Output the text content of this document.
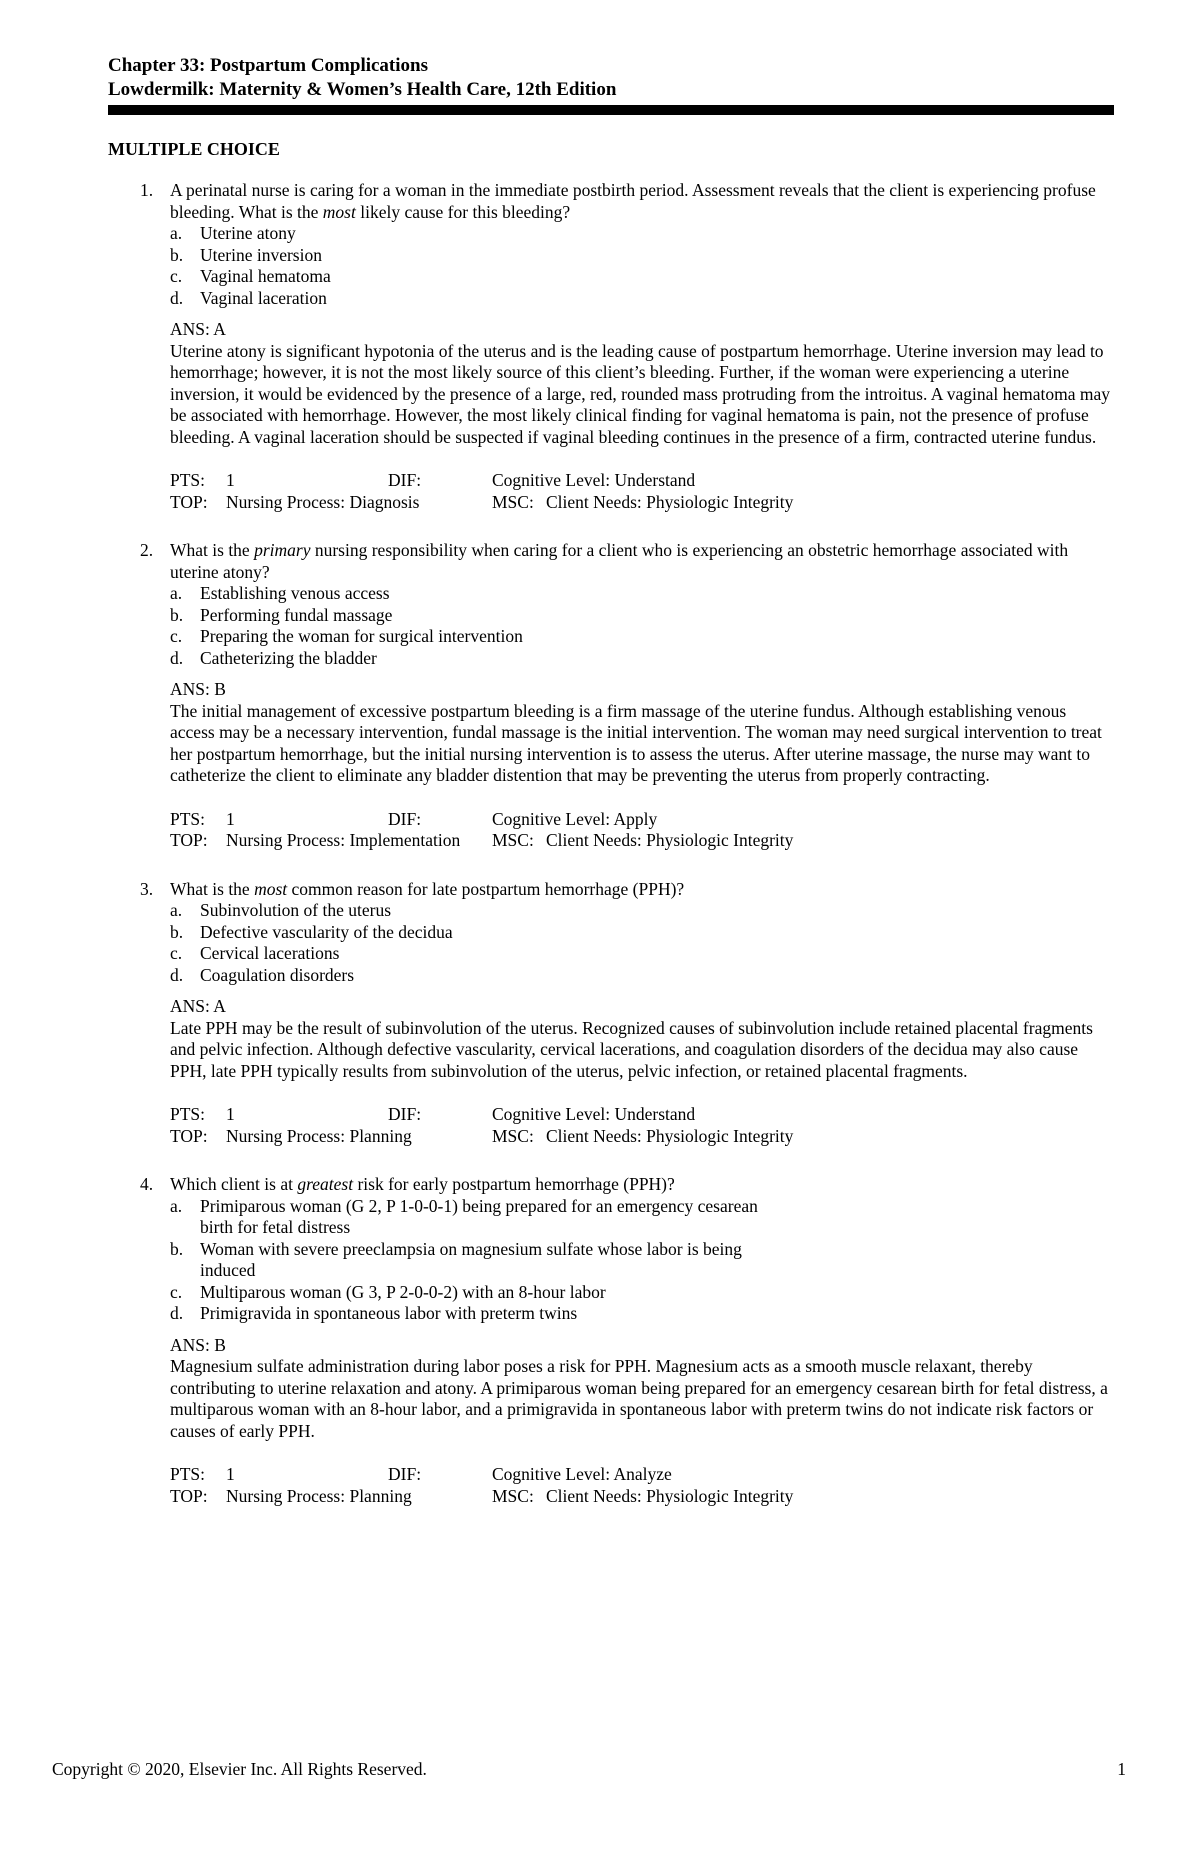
Chapter 33: Postpartum Complications
Lowdermilk: Maternity & Women’s Health Care, 12th Edition
MULTIPLE CHOICE
1. A perinatal nurse is caring for a woman in the immediate postbirth period. Assessment reveals that the client is experiencing profuse bleeding. What is the most likely cause for this bleeding?
a. Uterine atony
b. Uterine inversion
c. Vaginal hematoma
d. Vaginal laceration
ANS: A
Uterine atony is significant hypotonia of the uterus and is the leading cause of postpartum hemorrhage. Uterine inversion may lead to hemorrhage; however, it is not the most likely source of this client’s bleeding. Further, if the woman were experiencing a uterine inversion, it would be evidenced by the presence of a large, red, rounded mass protruding from the introitus. A vaginal hematoma may be associated with hemorrhage. However, the most likely clinical finding for vaginal hematoma is pain, not the presence of profuse bleeding. A vaginal laceration should be suspected if vaginal bleeding continues in the presence of a firm, contracted uterine fundus.
PTS: 1	DIF:	Cognitive Level: Understand
TOP: Nursing Process: Diagnosis	MSC: Client Needs: Physiologic Integrity
2. What is the primary nursing responsibility when caring for a client who is experiencing an obstetric hemorrhage associated with uterine atony?
a. Establishing venous access
b. Performing fundal massage
c. Preparing the woman for surgical intervention
d. Catheterizing the bladder
ANS: B
The initial management of excessive postpartum bleeding is a firm massage of the uterine fundus. Although establishing venous access may be a necessary intervention, fundal massage is the initial intervention. The woman may need surgical intervention to treat her postpartum hemorrhage, but the initial nursing intervention is to assess the uterus. After uterine massage, the nurse may want to catheterize the client to eliminate any bladder distention that may be preventing the uterus from properly contracting.
PTS: 1	DIF:	Cognitive Level: Apply
TOP: Nursing Process: Implementation MSC: Client Needs: Physiologic Integrity
3. What is the most common reason for late postpartum hemorrhage (PPH)?
a. Subinvolution of the uterus
b. Defective vascularity of the decidua
c. Cervical lacerations
d. Coagulation disorders
ANS: A
Late PPH may be the result of subinvolution of the uterus. Recognized causes of subinvolution include retained placental fragments and pelvic infection. Although defective vascularity, cervical lacerations, and coagulation disorders of the decidua may also cause PPH, late PPH typically results from subinvolution of the uterus, pelvic infection, or retained placental fragments.
PTS: 1	DIF:	Cognitive Level: Understand
TOP: Nursing Process: Planning	MSC: Client Needs: Physiologic Integrity
4. Which client is at greatest risk for early postpartum hemorrhage (PPH)?
a. Primiparous woman (G 2, P 1-0-0-1) being prepared for an emergency cesarean birth for fetal distress
b. Woman with severe preeclampsia on magnesium sulfate whose labor is being induced
c. Multiparous woman (G 3, P 2-0-0-2) with an 8-hour labor
d. Primigravida in spontaneous labor with preterm twins
ANS: B
Magnesium sulfate administration during labor poses a risk for PPH. Magnesium acts as a smooth muscle relaxant, thereby contributing to uterine relaxation and atony. A primiparous woman being prepared for an emergency cesarean birth for fetal distress, a multiparous woman with an 8-hour labor, and a primigravida in spontaneous labor with preterm twins do not indicate risk factors or causes of early PPH.
PTS: 1	DIF:	Cognitive Level: Analyze
TOP: Nursing Process: Planning	MSC: Client Needs: Physiologic Integrity
Copyright © 2020, Elsevier Inc. All Rights Reserved.	1
